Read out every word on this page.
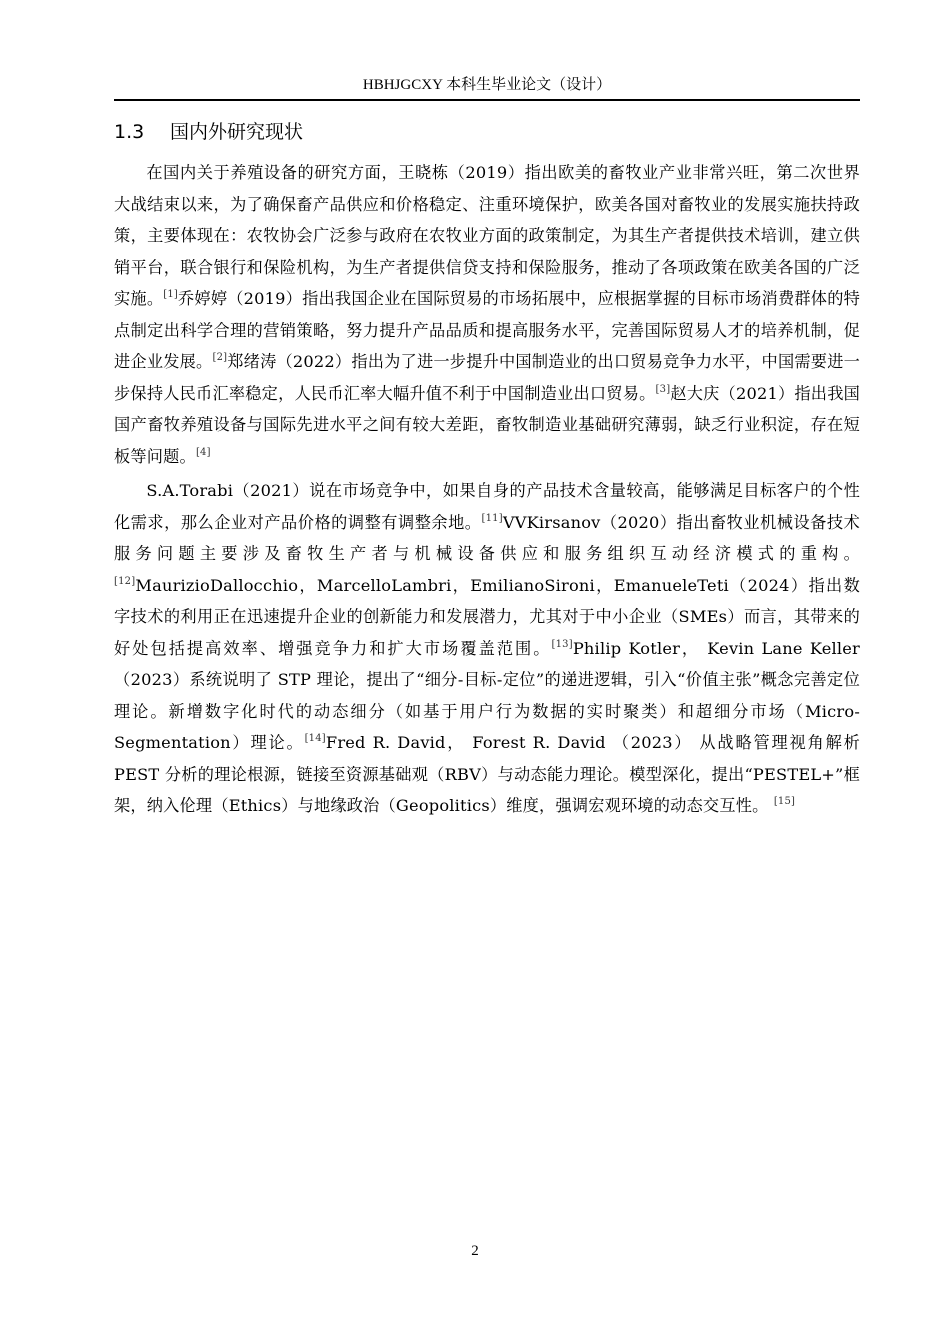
HBHJGCXY 本科生毕业论文（设计）
1.3 国内外研究现状

在国内关于养殖设备的研究方面，王晓栋（2019）指出欧美的畜牧业产业非常兴旺，第二次世界大战结束以来，为了确保畜产品供应和价格稳定、注重环境保护，欧美各国对畜牧业的发展实施扶持政策，主要体现在：农牧协会广泛参与政府在农牧业方面的政策制定，为其生产者提供技术培训，建立供销平台，联合银行和保险机构，为生产者提供信贷支持和保险服务，推动了各项政策在欧美各国的广泛实施。[1]乔婷婷（2019）指出我国企业在国际贸易的市场拓展中，应根据掌握的目标市场消费群体的特点制定出科学合理的营销策略，努力提升产品品质和提高服务水平，完善国际贸易人才的培养机制，促进企业发展。[2]郑绪涛（2022）指出为了进一步提升中国制造业的出口贸易竞争力水平，中国需要进一步保持人民币汇率稳定，人民币汇率大幅升值不利于中国制造业出口贸易。[3]赵大庆（2021）指出我国国产畜牧养殖设备与国际先进水平之间有较大差距，畜牧制造业基础研究薄弱，缺乏行业积淀，存在短板等问题。[4]

S.A.Torabi（2021）说在市场竞争中，如果自身的产品技术含量较高，能够满足目标客户的个性化需求，那么企业对产品价格的调整有调整余地。[11]VVKirsanov（2020）指出畜牧业机械设备技术服务问题主要涉及畜牧生产者与机械设备供应和服务组织互动经济模式的重构。[12]MaurizioDallocchio，MarcelloLambri，EmilianoSironi，EmanueleTeti（2024）指出数字技术的利用正在迅速提升企业的创新能力和发展潜力，尤其对于中小企业（SMEs）而言，其带来的好处包括提高效率、增强竞争力和扩大市场覆盖范围。[13]Philip Kotler， Kevin Lane Keller（2023）系统说明了 STP 理论，提出了“细分-目标-定位”的递进逻辑，引入“价值主张”概念完善定位理论。新增数字化时代的动态细分（如基于用户行为数据的实时聚类）和超细分市场（Micro-Segmentation）理论。[14]Fred R. David， Forest R. David （2023） 从战略管理视角解析 PEST 分析的理论根源，链接至资源基础观（RBV）与动态能力理论。模型深化，提出“PESTEL+”框架，纳入伦理（Ethics）与地缘政治（Geopolitics）维度，强调宏观环境的动态交互性。 [15]

2
